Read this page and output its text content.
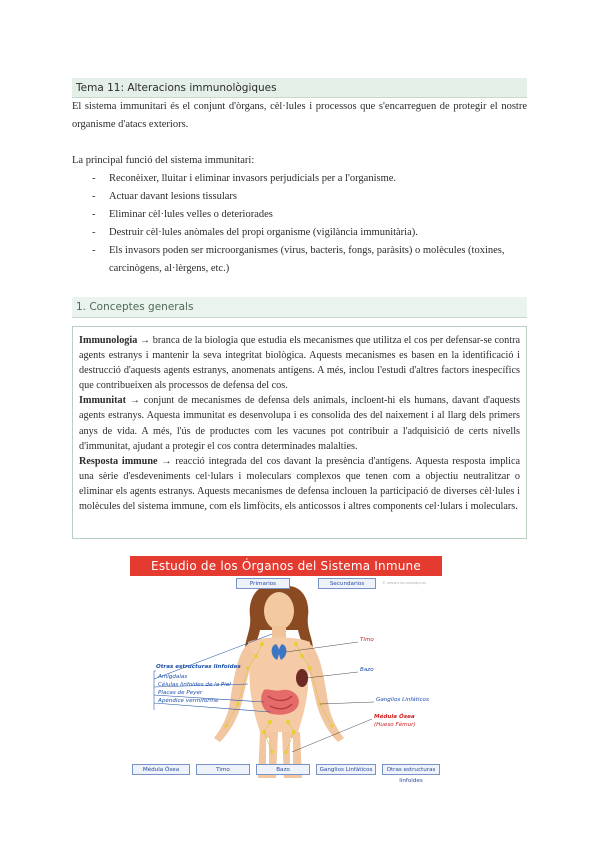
Tema 11: Alteracions immunològiques
El sistema immunitari és el conjunt d'òrgans, cèl·lules i processos que s'encarreguen de protegir el nostre organisme d'atacs exteriors.
La principal funció del sistema immunitari:
- Reconèixer, lluitar i eliminar invasors perjudicials per a l'organisme.
- Actuar davant lesions tissulars
- Eliminar cèl·lules velles o deteriorades
- Destruir cèl·lules anòmales del propi organisme (vigilància immunitària).
- Els invasors poden ser microorganismes (virus, bacteris, fongs, paràsits) o molècules (toxines, carcinògens, al·lèrgens, etc.)
1. Conceptes generals

Immunologia → branca de la biologia que estudia els mecanismes que utilitza el cos per defensar-se contra agents estranys i mantenir la seva integritat biològica. Aquests mecanismes es basen en la identificació i destrucció d'aquests agents estranys, anomenats antígens. A més, inclou l'estudi d'altres factors inespecífics que contribueixen als processos de defensa del cos.

Immunitat → conjunt de mecanismes de defensa dels animals, incloent-hi els humans, davant d'aquests agents estranys. Aquesta immunitat es desenvolupa i es consolida des del naixement i al llarg dels primers anys de vida. A més, l'ús de productes com les vacunes pot contribuir a l'adquisició de certs nivells d'immunitat, ajudant a protegir el cos contra determinades malalties.

Resposta immune → reacció integrada del cos davant la presència d'antígens. Aquesta resposta implica una sèrie d'esdeveniments cel·lulars i moleculars complexos que tenen com a objectiu neutralitzar o eliminar els agents estranys. Aquests mecanismes de defensa inclouen la participació de diverses cèl·lules i molècules del sistema immune, com els limfòcits, els anticossos i altres components cel·lulars i moleculars.

Estudio de los Órganos del Sistema Inmune
© www.inmunologia.es
Primarios	Secundarios
Otras estructuras linfoides
Amígdalas
Células linfoides de la Piel
Placas de Peyer
Apéndice vermiforme
Timo
Bazo
Ganglios Linfáticos
Médula Ósea
(Hueso Fémur)
Médula Ósea	Timo	Bazo	Ganglios Linfáticos	Otras estructuras linfoides
